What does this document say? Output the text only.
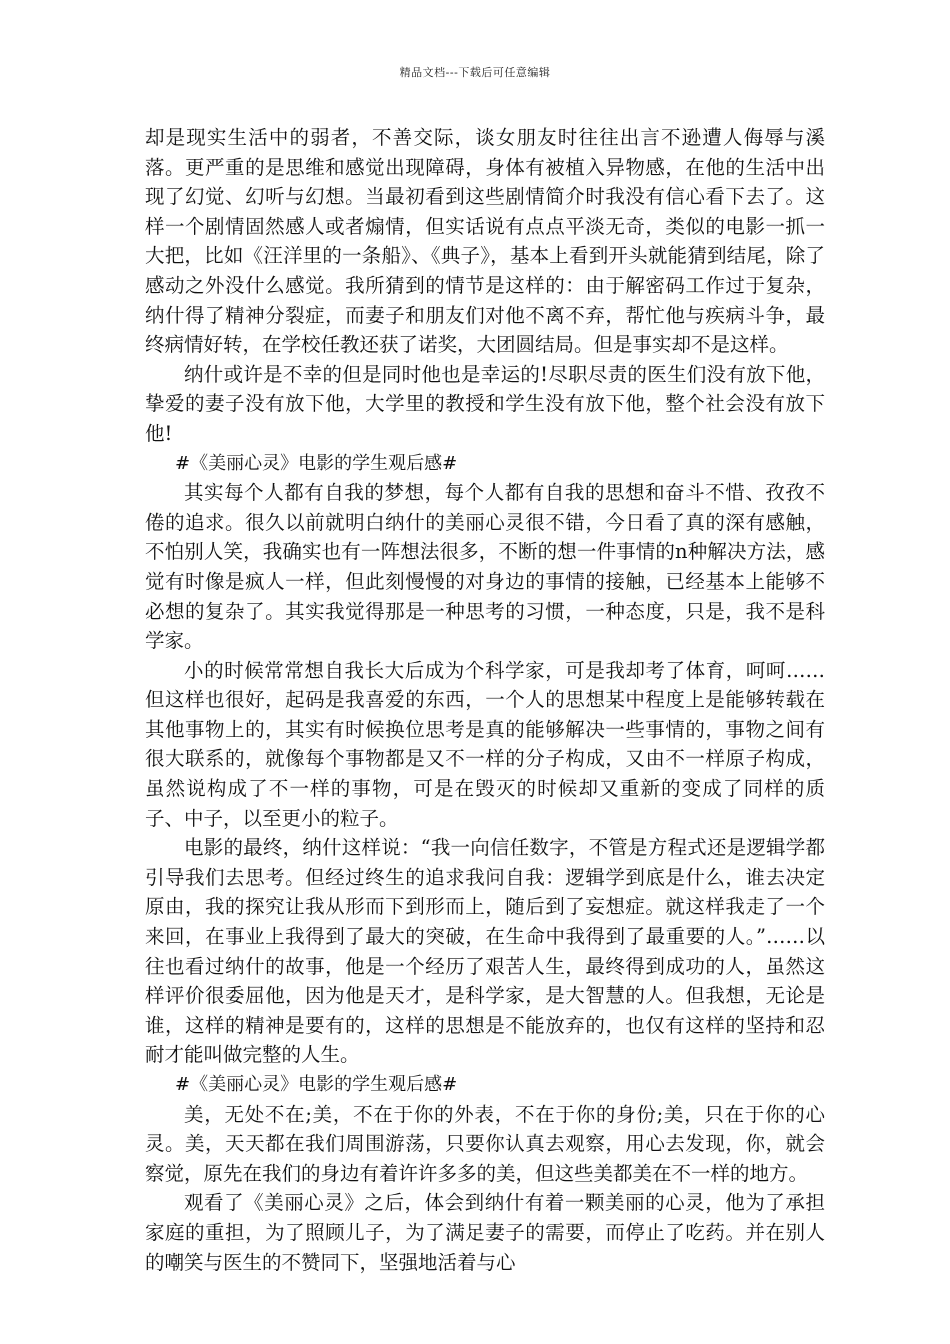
精品文档---下载后可任意编辑

却是现实生活中的弱者，不善交际，谈女朋友时往往出言不逊遭人侮辱与溪落。更严重的是思维和感觉出现障碍，身体有被植入异物感，在他的生活中出现了幻觉、幻听与幻想。当最初看到这些剧情简介时我没有信心看下去了。这样一个剧情固然感人或者煽情，但实话说有点点平淡无奇，类似的电影一抓一大把，比如《汪洋里的一条船》、《典子》，基本上看到开头就能猜到结尾，除了感动之外没什么感觉。我所猜到的情节是这样的：由于解密码工作过于复杂，纳什得了精神分裂症，而妻子和朋友们对他不离不弃，帮忙他与疾病斗争，最终病情好转，在学校任教还获了诺奖，大团圆结局。但是事实却不是这样。

纳什或许是不幸的但是同时他也是幸运的!尽职尽责的医生们没有放下他，挚爱的妻子没有放下他，大学里的教授和学生没有放下他，整个社会没有放下他!

#《美丽心灵》电影的学生观后感#

其实每个人都有自我的梦想，每个人都有自我的思想和奋斗不惜、孜孜不倦的追求。很久以前就明白纳什的美丽心灵很不错，今日看了真的深有感触，不怕别人笑，我确实也有一阵想法很多，不断的想一件事情的n种解决方法，感觉有时像是疯人一样，但此刻慢慢的对身边的事情的接触，已经基本上能够不必想的复杂了。其实我觉得那是一种思考的习惯，一种态度，只是，我不是科学家。

小的时候常常想自我长大后成为个科学家，可是我却考了体育，呵呵……但这样也很好，起码是我喜爱的东西，一个人的思想某中程度上是能够转载在其他事物上的，其实有时候换位思考是真的能够解决一些事情的，事物之间有很大联系的，就像每个事物都是又不一样的分子构成，又由不一样原子构成，虽然说构成了不一样的事物，可是在毁灭的时候却又重新的变成了同样的质子、中子，以至更小的粒子。

电影的最终，纳什这样说：“我一向信任数字，不管是方程式还是逻辑学都引导我们去思考。但经过终生的追求我问自我：逻辑学到底是什么，谁去决定原由，我的探究让我从形而下到形而上，随后到了妄想症。就这样我走了一个来回，在事业上我得到了最大的突破，在生命中我得到了最重要的人。”……以往也看过纳什的故事，他是一个经历了艰苦人生，最终得到成功的人，虽然这样评价很委屈他，因为他是天才，是科学家，是大智慧的人。但我想，无论是谁，这样的精神是要有的，这样的思想是不能放弃的，也仅有这样的坚持和忍耐才能叫做完整的人生。

#《美丽心灵》电影的学生观后感#

美，无处不在;美，不在于你的外表，不在于你的身份;美，只在于你的心灵。美，天天都在我们周围游荡，只要你认真去观察，用心去发现，你，就会察觉，原先在我们的身边有着许许多多的美，但这些美都美在不一样的地方。

观看了《美丽心灵》之后，体会到纳什有着一颗美丽的心灵，他为了承担家庭的重担，为了照顾儿子，为了满足妻子的需要，而停止了吃药。并在别人的嘲笑与医生的不赞同下，坚强地活着与心
